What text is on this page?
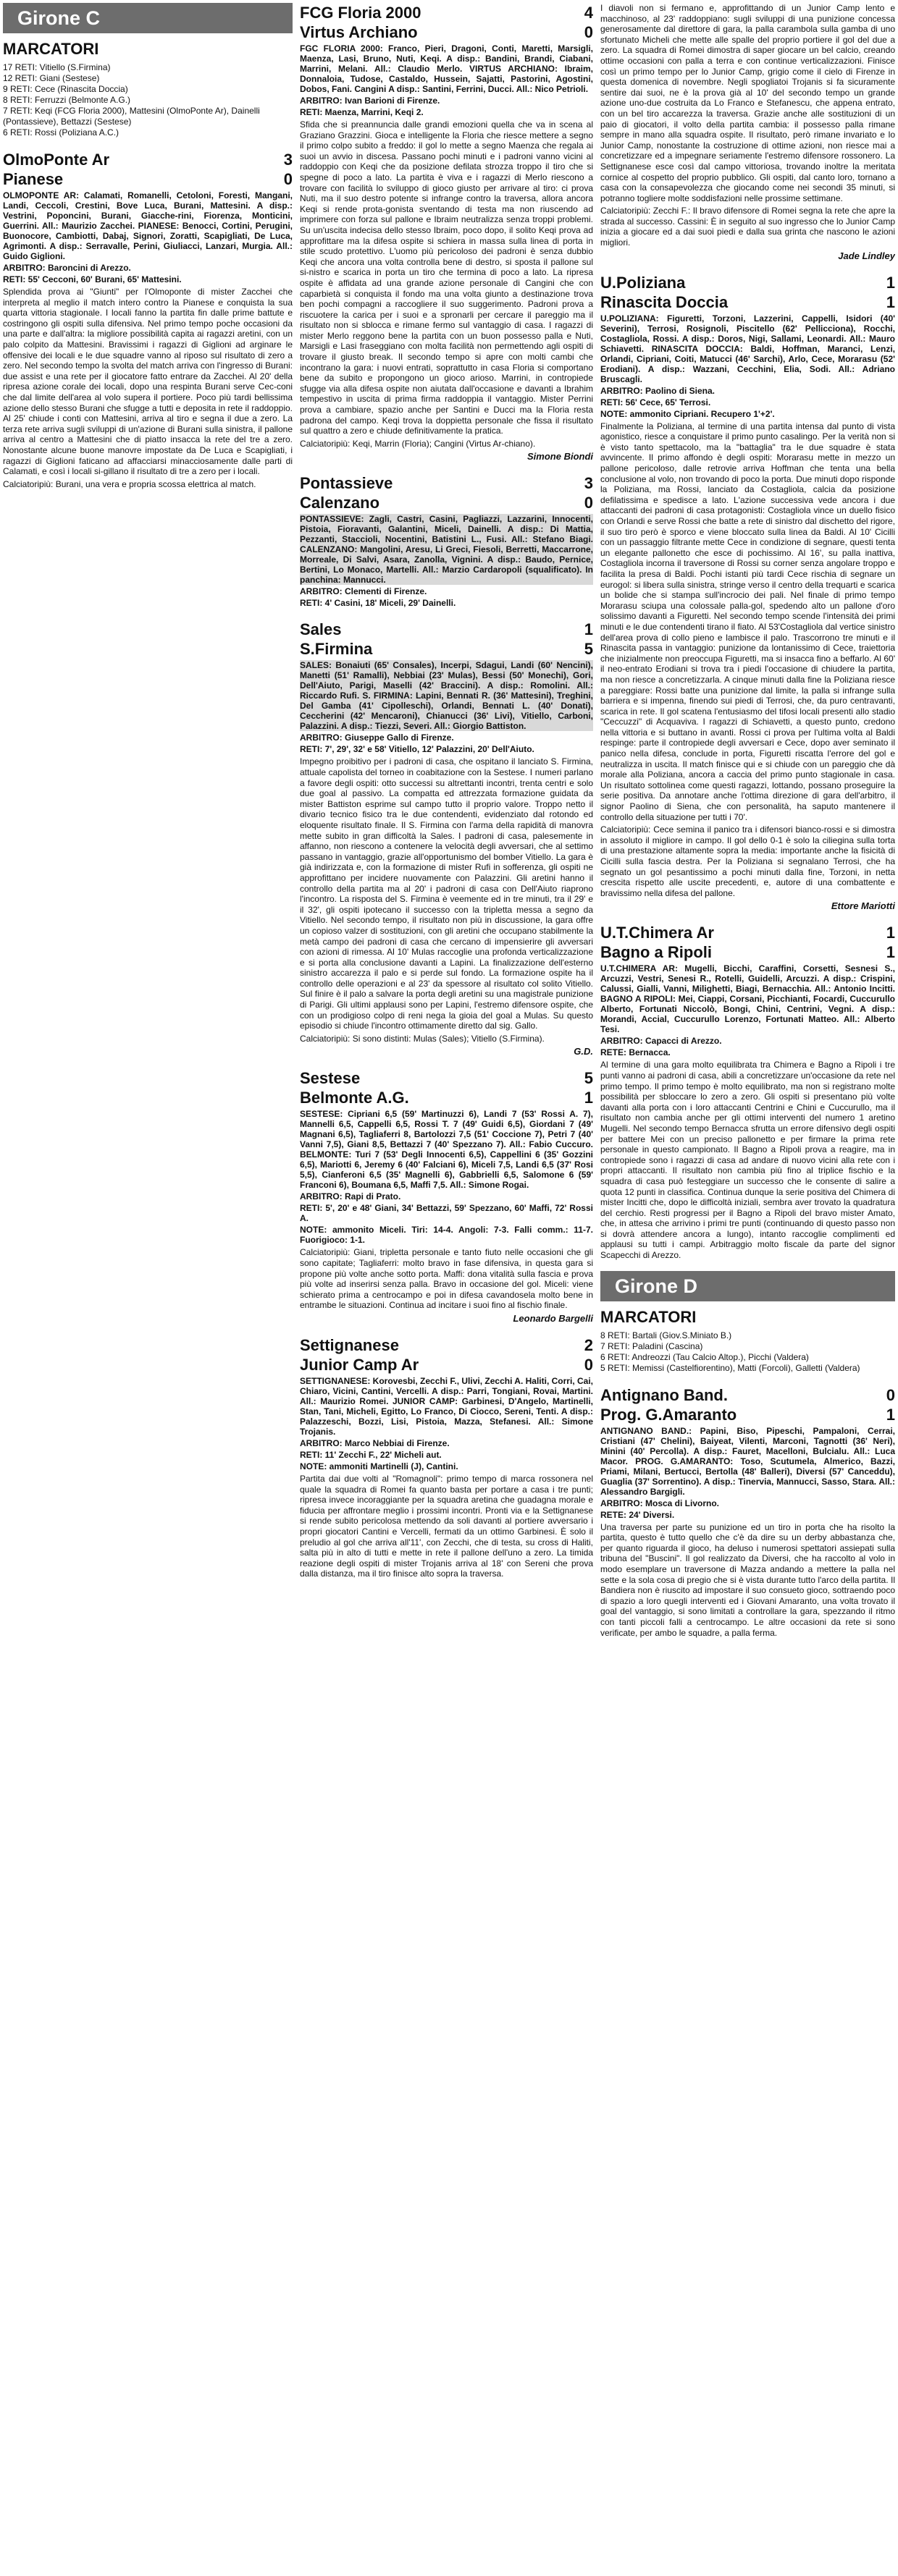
Girone C
MARCATORI

17 RETI: Vitiello (S.Firmina)

12 RETI: Giani (Sestese)

9 RETI: Cece (Rinascita Doccia)

8 RETI: Ferruzzi (Belmonte A.G.)

7 RETI: Keqi (FCG Floria 2000), Mattesini (OlmoPonte Ar), Dainelli (Pontassieve), Bettazzi (Sestese)

6 RETI: Rossi (Poliziana A.C.)

OlmoPonte Ar	3
Pianese	0
OLMOPONTE AR: Calamati, Romanelli, Cetoloni, Foresti, Mangani, Landi, Ceccoli, Crestini, Bove Luca, Burani, Mattesini. A disp.: Vestrini, Poponcini, Burani, Giacche-rini, Fiorenza, Monticini, Guerrini. All.: Maurizio Zacchei. PIANESE: Benocci, Cortini, Perugini, Buonocore, Cambiotti, Dabaj, Signori, Zoratti, Scapigliati, De Luca, Agrimonti. A disp.: Serravalle, Perini, Giuliacci, Lanzari, Murgia. All.: Guido Giglioni.
ARBITRO: Baroncini di Arezzo.
RETI: 55' Cecconi, 60' Burani, 65' Mattesini.

Splendida prova ai "Giunti" per l'Olmoponte di mister Zacchei che interpreta al meglio il match intero contro la Pianese e conquista la sua quarta vittoria stagionale. I locali fanno la partita fin dalle prime battute e costringono gli ospiti sulla difensiva. Nel primo tempo poche occasioni da una parte e dall'altra: la migliore possibilità capita ai ragazzi aretini, con un palo colpito da Mattesini. Bravissimi i ragazzi di Giglioni ad arginare le offensive dei locali e le due squadre vanno al riposo sul risultato di zero a zero. Nel secondo tempo la svolta del match arriva con l'ingresso di Burani: due assist e una rete per il giocatore fatto entrare da Zacchei. Al 20' della ripresa azione corale dei locali, dopo una respinta Burani serve Cec-coni che dal limite dell'area al volo supera il portiere. Poco più tardi bellissima azione dello stesso Burani che sfugge a tutti e deposita in rete il raddoppio. Al 25' chiude i conti con Mattesini, arriva al tiro e segna il due a zero. La terza rete arriva sugli sviluppi di un'azione di Burani sulla sinistra, il pallone arriva al centro a Mattesini che di piatto insacca la rete del tre a zero. Nonostante alcune buone manovre impostate da De Luca e Scapigliati, i ragazzi di Giglioni faticano ad affacciarsi minacciosamente dalle parti di Calamati, e così i locali si-gillano il risultato di tre a zero per i locali.

Calciatoripiù: Burani, una vera e propria scossa elettrica al match.

FCG Floria 2000	4
Virtus Archiano	0
FGC FLORIA 2000: Franco, Pieri, Dragoni, Conti, Maretti, Marsigli, Maenza, Lasi, Bruno, Nuti, Keqi. A disp.: Bandini, Brandi, Ciabani, Marrini, Melani. All.: Claudio Merlo. VIRTUS ARCHIANO: Ibraim, Donnaloia, Tudose, Castaldo, Hussein, Sajatti, Pastorini, Agostini, Dobos, Fani. Cangini A disp.: Santini, Ferrini, Ducci. All.: Nico Petrioli.
ARBITRO: Ivan Barioni di Firenze.
RETI: Maenza, Marrini, Keqi 2.

Sfida che si preannuncia dalle grandi emozioni quella che va in scena al Graziano Grazzini. Gioca e intelligente la Floria che riesce mettere a segno il primo colpo subito a freddo: il gol lo mette a segno Maenza che regala ai suoi un avvio in discesa. Passano pochi minuti e i padroni vanno vicini al raddoppio con Keqi che da posizione defilata strozza troppo il tiro che si spegne di poco a lato. La partita è viva e i ragazzi di Merlo riescono a trovare con facilità lo sviluppo di gioco giusto per arrivare al tiro: ci prova Nuti, ma il suo destro potente si infrange contro la traversa, allora ancora Keqi si rende prota-gonista sventando di testa ma non riuscendo ad imprimere con forza sul pallone e Ibraim neutralizza senza troppi problemi. Su un'uscita indecisa dello stesso Ibraim, poco dopo, il solito Keqi prova ad approfittare ma la difesa ospite si schiera in massa sulla linea di porta in stile scudo protettivo. L'uomo più pericoloso dei padroni è senza dubbio Keqi che ancora una volta controlla bene di destro, si sposta il pallone sul si-nistro e scarica in porta un tiro che termina di poco a lato. La ripresa ospite è affidata ad una grande azione personale di Cangini che con caparbietà si conquista il fondo ma una volta giunto a destinazione trova ben pochi compagni a raccogliere il suo suggerimento. Padroni prova a riscuotere la carica per i suoi e a spronarli per cercare il pareggio ma il risultato non si sblocca e rimane fermo sul vantaggio di casa. I ragazzi di mister Merlo reggono bene la partita con un buon possesso palla e Nuti, Marsigli e Lasi fraseggiano con molta facilità non permettendo agli ospiti di trovare il giusto break. Il secondo tempo si apre con molti cambi che incontrano la gara: i nuovi entrati, soprattutto in casa Floria si comportano bene da subito e propongono un gioco arioso. Marrini, in contropiede sfugge via alla difesa ospite non aiutata dall'occasione e davanti a Ibrahim tempestivo in uscita di prima firma raddoppia il vantaggio. Mister Perrini prova a cambiare, spazio anche per Santini e Ducci ma la Floria resta padrona del campo. Keqi trova la doppietta personale che fissa il risultato sul quattro a zero e chiude definitivamente la pratica.

Calciatoripiù: Keqi, Marrin (Floria); Cangini (Virtus Ar-chiano).

Simone Biondi
Pontassieve	3
Calenzano	0
PONTASSIEVE: Zagli, Castri, Casini, Pagliazzi, Lazzarini, Innocenti, Pistoia, Fioravanti, Galantini, Miceli, Dainelli. A disp.: Di Mattia, Pezzanti, Staccioli, Nocentini, Batistini L., Fusi. All.: Stefano Biagi. CALENZANO: Mangolini, Aresu, Li Greci, Fiesoli, Berretti, Maccarrone, Morreale, Di Salvi, Asara, Zanolla, Vignini. A disp.: Baudo, Pernice, Bertini, Lo Monaco, Martelli. All.: Marzio Cardaropoli (squalificato). In panchina: Mannucci.
ARBITRO: Clementi di Firenze.
RETI: 4' Casini, 18' Miceli, 29' Dainelli.
Sales	1
S.Firmina	5
SALES: Bonaiuti (65' Consales), Incerpi, Sdagui, Landi (60' Nencini), Manetti (51' Ramalli), Nebbiai (23' Mulas), Bessi (50' Monechi), Gori, Dell'Aiuto, Parigi, Maselli (42' Braccini). A disp.: Romolini. All.: Riccardo Rufi. S. FIRMINA: Lapini, Bennati R. (36' Mattesini), Treghini, Del Gamba (41' Cipolleschi), Orlandi, Bennati L. (40' Donati), Ceccherini (42' Mencaroni), Chianucci (36' Livi), Vitiello, Carboni, Palazzini. A disp.: Tiezzi, Severi. All.: Giorgio Battiston.
ARBITRO: Giuseppe Gallo di Firenze.
RETI: 7', 29', 32' e 58' Vitiello, 12' Palazzini, 20' Dell'Aiuto.

Impegno proibitivo per i padroni di casa, che ospitano il lanciato S. Firmina, attuale capolista del torneo in coabitazione con la Sestese. I numeri parlano a favore degli ospiti: otto successi su altrettanti incontri, trenta centri e solo due goal al passivo. La compatta ed attrezzata formazione guidata da mister Battiston esprime sul campo tutto il proprio valore. Troppo netto il divario tecnico fisico tra le due contendenti, evidenziato dal rotondo ed eloquente risultato finale. Il S. Firmina con l'arma della rapidità di manovra mette subito in gran difficoltà la Sales. I padroni di casa, palesemente in affanno, non riescono a contenere la velocità degli avversari, che al settimo passano in vantaggio, grazie all'opportunismo del bomber Vitiello. La gara è già indirizzata e, con la formazione di mister Rufi in sofferenza, gli ospiti ne approfittano per incidere nuovamente con Palazzini. Gli aretini hanno il controllo della partita ma al 20' i padroni di casa con Dell'Aiuto riaprono l'incontro. La risposta del S. Firmina è veemente ed in tre minuti, tra il 29' e il 32', gli ospiti ipotecano il successo con la tripletta messa a segno da Vitiello. Nel secondo tempo, il risultato non più in discussione, la gara offre un copioso valzer di sostituzioni, con gli aretini che occupano stabilmente la metà campo dei padroni di casa che cercano di impensierire gli avversari con azioni di rimessa. Al 10' Mulas raccoglie una profonda verticalizzazione e si porta alla conclusione davanti a Lapini. La finalizzazione dell'esterno sinistro accarezza il palo e si perde sul fondo. La formazione ospite ha il controllo delle operazioni e al 23' da spessore al risultato col solito Vitiello. Sul finire è il palo a salvare la porta degli aretini su una magistrale punizione di Parigi. Gli ultimi applausi sono per Lapini, l'estremo difensore ospite, che con un prodigioso colpo di reni nega la gioia del goal a Mulas. Su questo episodio si chiude l'incontro ottimamente diretto dal sig. Gallo.

Calciatoripiù: Si sono distinti: Mulas (Sales); Vitiello (S.Firmina).

G.D.
Sestese	5
Belmonte A.G.	1
SESTESE: Cipriani 6,5 (59' Martinuzzi 6), Landi 7 (53' Rossi A. 7), Mannelli 6,5, Cappelli 6,5, Rossi T. 7 (49' Guidi 6,5), Giordani 7 (49' Magnani 6,5), Tagliaferri 8, Bartolozzi 7,5 (51' Coccione 7), Petri 7 (40' Vanni 7,5), Giani 8,5, Bettazzi 7 (40' Spezzano 7). All.: Fabio Cuccuro. BELMONTE: Turi 7 (53' Degli Innocenti 6,5), Cappellini 6 (35' Gozzini 6,5), Mariotti 6, Jeremy 6 (40' Falciani 6), Miceli 7,5, Landi 6,5 (37' Rosi 5,5), Cianferoni 6,5 (35' Magnelli 6), Gabbrielli 6,5, Salomone 6 (59' Franconi 6), Boumana 6,5, Maffi 7,5. All.: Simone Rogai.
ARBITRO: Rapi di Prato.
RETI: 5', 20' e 48' Giani, 34' Bettazzi, 59' Spezzano, 60' Maffi, 72' Rossi A.
NOTE: ammonito Miceli. Tiri: 14-4. Angoli: 7-3. Falli comm.: 11-7. Fuorigioco: 1-1.

Calciatoripiù: Giani, tripletta personale e tanto fiuto nelle occasioni che gli sono capitate; Tagliaferri: molto bravo in fase difensiva, in questa gara si propone più volte anche sotto porta. Maffi: dona vitalità sulla fascia e prova più volte ad inserirsi senza palla. Bravo in occasione del gol. Miceli: viene schierato prima a centrocampo e poi in difesa cavandosela molto bene in entrambe le situazioni. Continua ad incitare i suoi fino al fischio finale.

Leonardo Bargelli
Settignanese	2
Junior Camp Ar	0
SETTIGNANESE: Korovesbi, Zecchi F., Ulivi, Zecchi A. Haliti, Corri, Cai, Chiaro, Vicini, Cantini, Vercelli. A disp.: Parri, Tongiani, Rovai, Martini. All.: Maurizio Romei. JUNIOR CAMP: Garbinesi, D'Angelo, Martinelli, Stan, Tani, Micheli, Egitto, Lo Franco, Di Ciocco, Sereni, Tenti. A disp.: Palazzeschi, Bozzi, Lisi, Pistoia, Mazza, Stefanesi. All.: Simone Trojanis.
ARBITRO: Marco Nebbiai di Firenze.
RETI: 11' Zecchi F., 22' Micheli aut.
NOTE: ammoniti Martinelli (J), Cantini.

Partita dai due volti al "Romagnoli": primo tempo di marca rossonera nel quale la squadra di Romei fa quanto basta per portare a casa i tre punti; ripresa invece incoraggiante per la squadra aretina che guadagna morale e fiducia per affrontare meglio i prossimi incontri. Pronti via e la Settignanese si rende subito pericolosa mettendo da soli davanti al portiere avversario i propri giocatori Cantini e Vercelli, fermati da un ottimo Garbinesi. È solo il preludio al gol che arriva all'11', con Zecchi, che di testa, su cross di Haliti, salta più in alto di tutti e mette in rete il pallone dell'uno a zero. La timida reazione degli ospiti di mister Trojanis arriva al 18' con Sereni che prova dalla distanza, ma il tiro finisce alto sopra la traversa.

I diavoli non si fermano e, approfittando di un Junior Camp lento e macchinoso, al 23' raddoppiano: sugli sviluppi di una punizione concessa generosamente dal direttore di gara, la palla carambola sulla gamba di uno sfortunato Micheli che mette alle spalle del proprio portiere il gol del due a zero. La squadra di Romei dimostra di saper giocare un bel calcio, creando ottime occasioni con palla a terra e con continue verticalizzazioni. Finisce così un primo tempo per lo Junior Camp, grigio come il cielo di Firenze in questa domenica di novembre. Negli spogliatoi Trojanis si fa sicuramente sentire dai suoi, ne è la prova già al 10' del secondo tempo un grande azione uno-due costruita da Lo Franco e Stefanescu, che appena entrato, con un bel tiro accarezza la traversa. Grazie anche alle sostituzioni di un paio di giocatori, il volto della partita cambia: il possesso palla rimane sempre in mano alla squadra ospite. Il risultato, però rimane invariato e lo Junior Camp, nonostante la costruzione di ottime azioni, non riesce mai a concretizzare ed a impegnare seriamente l'estremo difensore rossonero. La Settignanese esce così dal campo vittoriosa, trovando inoltre la meritata cornice al cospetto del proprio pubblico. Gli ospiti, dal canto loro, tornano a casa con la consapevolezza che giocando come nei secondi 35 minuti, si potranno togliere molte soddisfazioni nelle prossime settimane.

Calciatoripiù: Zecchi F.: Il bravo difensore di Romei segna la rete che apre la strada al successo. Cassini: È in seguito al suo ingresso che lo Junior Camp inizia a giocare ed a dai suoi piedi e dalla sua grinta che nascono le azioni migliori.

Jade Lindley
U.Poliziana	1
Rinascita Doccia	1
U.POLIZIANA: Figuretti, Torzoni, Lazzerini, Cappelli, Isidori (40' Severini), Terrosi, Rosignoli, Piscitello (62' Pellicciona), Rocchi, Costagliola, Rossi. A disp.: Doros, Nigi, Sallami, Leonardi. All.: Mauro Schiavetti. RINASCITA DOCCIA: Baldi, Hoffman, Maranci, Lenzi, Orlandi, Cipriani, Coiti, Matucci (46' Sarchi), Arlo, Cece, Morarasu (52' Erodiani). A disp.: Wazzani, Cecchini, Elia, Sodi. All.: Adriano Bruscagli.
ARBITRO: Paolino di Siena.
RETI: 56' Cece, 65' Terrosi.
NOTE: ammonito Cipriani. Recupero 1'+2'.

Finalmente la Poliziana, al termine di una partita intensa dal punto di vista agonistico, riesce a conquistare il primo punto casalingo. Per la verità non si è visto tanto spettacolo, ma la "battaglia" tra le due squadre è stata avvincente. Il primo affondo è degli ospiti: Morarasu mette in mezzo un pallone pericoloso, dalle retrovie arriva Hoffman che tenta una bella conclusione al volo, non trovando di poco la porta. Due minuti dopo risponde la Poliziana, ma Rossi, lanciato da Costagliola, calcia da posizione defilatissima e spedisce a lato. L'azione successiva vede ancora i due attaccanti dei padroni di casa protagonisti: Costagliola vince un duello fisico con Orlandi e serve Rossi che batte a rete di sinistro dal dischetto del rigore, il suo tiro però è sporco e viene bloccato sulla linea da Baldi. Al 10' Cicilli con un passaggio filtrante mette Cece in condizione di segnare, questi tenta un elegante pallonetto che esce di pochissimo. Al 16', su palla inattiva, Costagliola incorna il traversone di Rossi su corner senza angolare troppo e facilita la presa di Baldi. Pochi istanti più tardi Cece rischia di segnare un eurogol: si libera sulla sinistra, stringe verso il centro della trequarti e scarica un bolide che si stampa sull'incrocio dei pali. Nel finale di primo tempo Morarasu sciupa una colossale palla-gol, spedendo alto un pallone d'oro solissimo davanti a Figuretti. Nel secondo tempo scende l'intensità dei primi minuti e le due contendenti tirano il fiato. Al 53'Costagliola dal vertice sinistro dell'area prova di collo pieno e lambisce il palo. Trascorrono tre minuti e il Rinascita passa in vantaggio: punizione da lontanissimo di Cece, traiettoria che inizialmente non preoccupa Figuretti, ma si insacca fino a beffarlo. Al 60' il neo-entrato Erodiani si trova tra i piedi l'occasione di chiudere la partita, ma non riesce a concretizzarla. A cinque minuti dalla fine la Poliziana riesce a pareggiare: Rossi batte una punizione dal limite, la palla si infrange sulla barriera e si impenna, finendo sui piedi di Terrosi, che, da puro centravanti, scarica in rete. Il gol scatena l'entusiasmo del tifosi locali presenti allo stadio "Ceccuzzi" di Acquaviva. I ragazzi di Schiavetti, a questo punto, credono nella vittoria e si buttano in avanti. Rossi ci prova per l'ultima volta al Baldi respinge: parte il contropiede degli avversari e Cece, dopo aver seminato il panico nella difesa, conclude in porta, Figuretti riscatta l'errore del gol e neutralizza in uscita. Il match finisce qui e si chiude con un pareggio che dà morale alla Poliziana, ancora a caccia del primo punto stagionale in casa. Un risultato sottolinea come questi ragazzi, lottando, possano proseguire la serie positiva. Da annotare anche l'ottima direzione di gara dell'arbitro, il signor Paolino di Siena, che con personalità, ha saputo mantenere il controllo della situazione per tutti i 70'.

Calciatoripiù: Cece semina il panico tra i difensori bianco-rossi e si dimostra in assoluto il migliore in campo. Il gol dello 0-1 è solo la ciliegina sulla torta di una prestazione altamente sopra la media: importante anche la fisicità di Cicilli sulla fascia destra. Per la Poliziana si segnalano Terrosi, che ha segnato un gol pesantissimo a pochi minuti dalla fine, Torzoni, in netta crescita rispetto alle uscite precedenti, e, autore di una combattente e bravissimo nella difesa del pallone.

Ettore Mariotti
U.T.Chimera Ar	1
Bagno a Ripoli	1
U.T.CHIMERA AR: Mugelli, Bicchi, Caraffini, Corsetti, Sesnesi S., Arcuzzi, Vestri, Senesi R., Rotelli, Guidelli, Arcuzzi. A disp.: Crispini, Calussi, Gialli, Vanni, Milighetti, Biagi, Bernacchia. All.: Antonio Incitti. BAGNO A RIPOLI: Mei, Ciappi, Corsani, Picchianti, Focardi, Cuccurullo Alberto, Fortunati Niccolò, Bongi, Chini, Centrini, Vegni. A disp.: Morandi, Accial, Cuccurullo Lorenzo, Fortunati Matteo. All.: Alberto Tesi.
ARBITRO: Capacci di Arezzo.
RETE: Bernacca.

Al termine di una gara molto equilibrata tra Chimera e Bagno a Ripoli i tre punti vanno ai padroni di casa, abili a concretizzare un'occasione da rete nel primo tempo. Il primo tempo è molto equilibrato, ma non si registrano molte possibilità per sbloccare lo zero a zero. Gli ospiti si presentano più volte davanti alla porta con i loro attaccanti Centrini e Chini e Cuccurullo, ma il risultato non cambia anche per gli ottimi interventi del numero 1 aretino Mugelli. Nel secondo tempo Bernacca sfrutta un errore difensivo degli ospiti per battere Mei con un preciso pallonetto e per firmare la prima rete personale in questo campionato. Il Bagno a Ripoli prova a reagire, ma in contropiede sono i ragazzi di casa ad andare di nuovo vicini alla rete con i propri attaccanti. Il risultato non cambia più fino al triplice fischio e la squadra di casa può festeggiare un successo che le consente di salire a quota 12 punti in classifica. Continua dunque la serie positiva del Chimera di mister Incitti che, dopo le difficoltà iniziali, sembra aver trovato la quadratura del cerchio. Resti progressi per il Bagno a Ripoli del bravo mister Amato, che, in attesa che arrivino i primi tre punti (continuando di questo passo non si dovrà attendere ancora a lungo), intanto raccoglie complimenti ed applausi su tutti i campi. Arbitraggio molto fiscale da parte del signor Scapecchi di Arezzo.

Girone D
MARCATORI

8 RETI: Bartali (Giov.S.Miniato B.)

7 RETI: Paladini (Cascina)

6 RETI: Andreozzi (Tau Calcio Altop.), Picchi (Valdera)

5 RETI: Memissi (Castelfiorentino), Matti (Forcoli), Galletti (Valdera)

Antignano Band.	0
Prog. G.Amaranto	1
ANTIGNANO BAND.: Papini, Biso, Pipeschi, Pampaloni, Cerrai, Cristiani (47' Chelini), Baiyeat, Vilenti, Marconi, Tagnotti (36' Neri), Minini (40' Percolla). A disp.: Fauret, Macelloni, Bulcialu. All.: Luca Macor. PROG. G.AMARANTO: Toso, Scutumela, Almerico, Bazzi, Priami, Milani, Bertucci, Bertolla (48' Balleri), Diversi (57' Canceddu), Guaglia (37' Sorrentino). A disp.: Tinervia, Mannucci, Sasso, Stara. All.: Alessandro Bargigli.
ARBITRO: Mosca di Livorno.
RETE: 24' Diversi.

Una traversa per parte su punizione ed un tiro in porta che ha risolto la partita, questo è tutto quello che c'è da dire su un derby abbastanza che, per quanto riguarda il gioco, ha deluso i numerosi spettatori assiepati sulla tribuna del "Buscini". Il gol realizzato da Diversi, che ha raccolto al volo in modo esemplare un traversone di Mazza andando a mettere la palla nel sette e la sola cosa di pregio che si è vista durante tutto l'arco della partita. Il Bandiera non è riuscito ad impostare il suo consueto gioco, sottraendo poco di spazio a loro quegli interventi ed i Giovani Amaranto, una volta trovato il goal del vantaggio, si sono limitati a controllare la gara, spezzando il ritmo con tanti piccoli falli a centrocampo. Le altre occasioni da rete si sono verificate, per ambo le squadre, a palla ferma.
